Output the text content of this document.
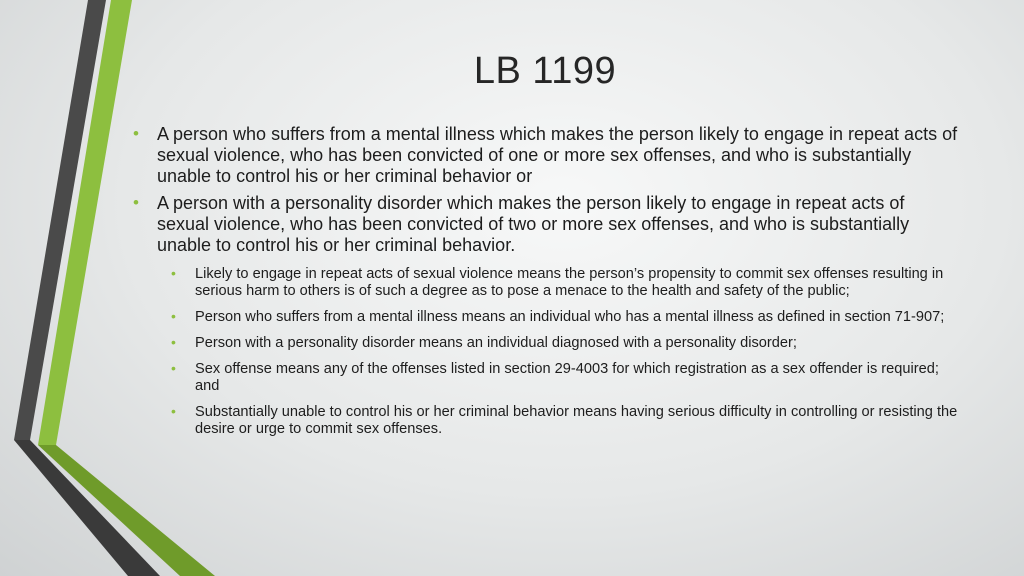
LB 1199
• A person who suffers from a mental illness which makes the person likely to engage in repeat acts of sexual violence, who has been convicted of one or more sex offenses, and who is substantially unable to control his or her criminal behavior or
• A person with a personality disorder which makes the person likely to engage in repeat acts of sexual violence, who has been convicted of two or more sex offenses, and who is substantially unable to control his or her criminal behavior.
• Likely to engage in repeat acts of sexual violence means the person’s propensity to commit sex offenses resulting in serious harm to others is of such a degree as to pose a menace to the health and safety of the public;
• Person who suffers from a mental illness means an individual who has a mental illness as defined in section 71-907;
• Person with a personality disorder means an individual diagnosed with a personality disorder;
• Sex offense means any of the offenses listed in section 29-4003 for which registration as a sex offender is required; and
• Substantially unable to control his or her criminal behavior means having serious difficulty in controlling or resisting the desire or urge to commit sex offenses.
